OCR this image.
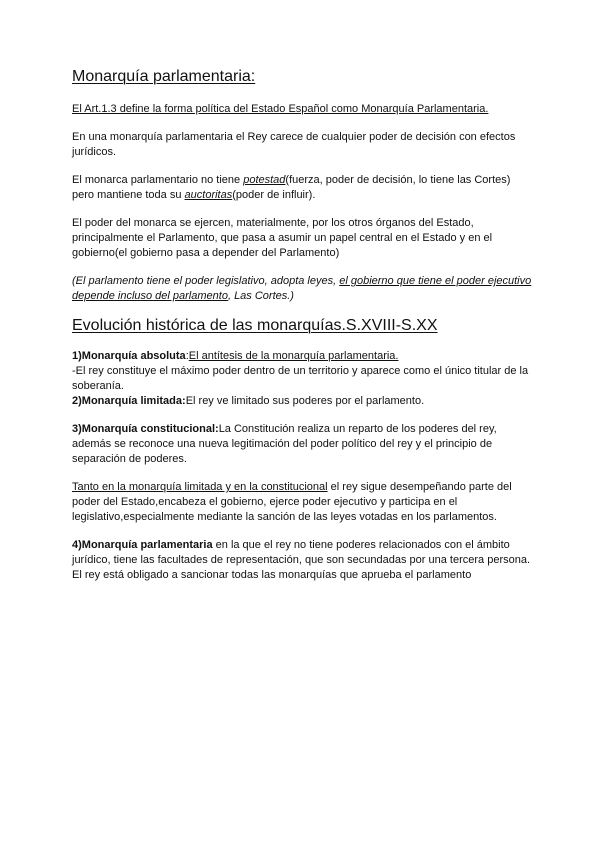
Monarquía parlamentaria:

El Art.1.3 define la forma política del Estado Español como Monarquía Parlamentaria.

En una monarquía parlamentaria el Rey carece de cualquier poder de decisión con efectos jurídicos.

El monarca parlamentario no tiene potestad(fuerza, poder de decisión, lo tiene las Cortes) pero mantiene toda su auctoritas(poder de influir).

El poder del monarca se ejercen, materialmente, por los otros órganos del Estado, principalmente el Parlamento, que pasa a asumir un papel central en el Estado y en el gobierno(el gobierno pasa a depender del Parlamento)

(El parlamento tiene el poder legislativo, adopta leyes, el gobierno que tiene el poder ejecutivo depende incluso del parlamento, Las Cortes.)

Evolución histórica de las monarquías.S.XVIII-S.XX

1)Monarquía absoluta:El antítesis de la monarquía parlamentaria.
-El rey constituye el máximo poder dentro de un territorio y aparece como el único titular de la soberanía.
2)Monarquía limitada:El rey ve limitado sus poderes por el parlamento.

3)Monarquía constitucional:La Constitución realiza un reparto de los poderes del rey, además se reconoce una nueva legitimación del poder político del rey y el principio de separación de poderes.

Tanto en la monarquía limitada y en la constitucional el rey sigue desempeñando parte del poder del Estado,encabeza el gobierno, ejerce poder ejecutivo y participa en el legislativo,especialmente mediante la sanción de las leyes votadas en los parlamentos.

4)Monarquía parlamentaria en la que el rey no tiene poderes relacionados con el ámbito jurídico, tiene las facultades de representación, que son secundadas por una tercera persona.
El rey está obligado a sancionar todas las monarquías que aprueba el parlamento
